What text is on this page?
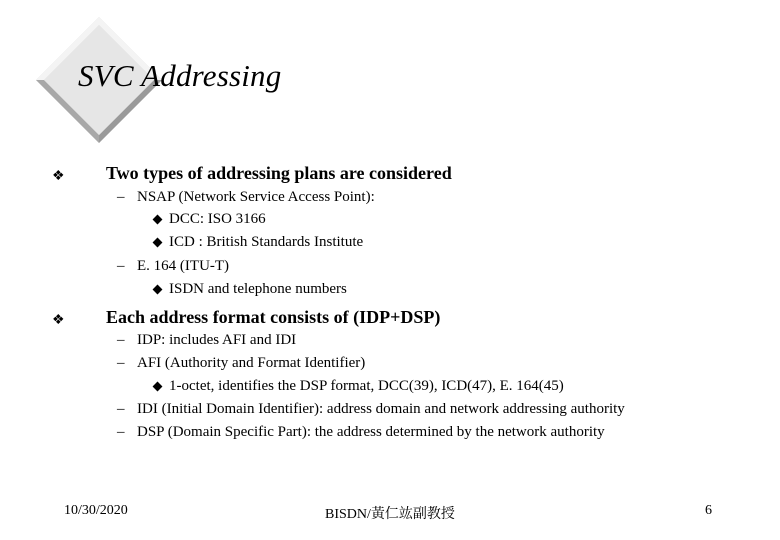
SVC Addressing
❖ Two types of addressing plans are considered
– NSAP (Network Service Access Point):
DCC: ISO 3166
ICD : British Standards Institute
– E. 164 (ITU-T)
ISDN and telephone numbers
❖ Each address format consists of (IDP+DSP)
– IDP: includes AFI and IDI
– AFI (Authority and Format Identifier)
1-octet, identifies the DSP format, DCC(39), ICD(47), E. 164(45)
– IDI (Initial Domain Identifier): address domain and network addressing authority
– DSP (Domain Specific Part): the address determined by the network authority
10/30/2020	BISDN/黃仁竑副教授	6
